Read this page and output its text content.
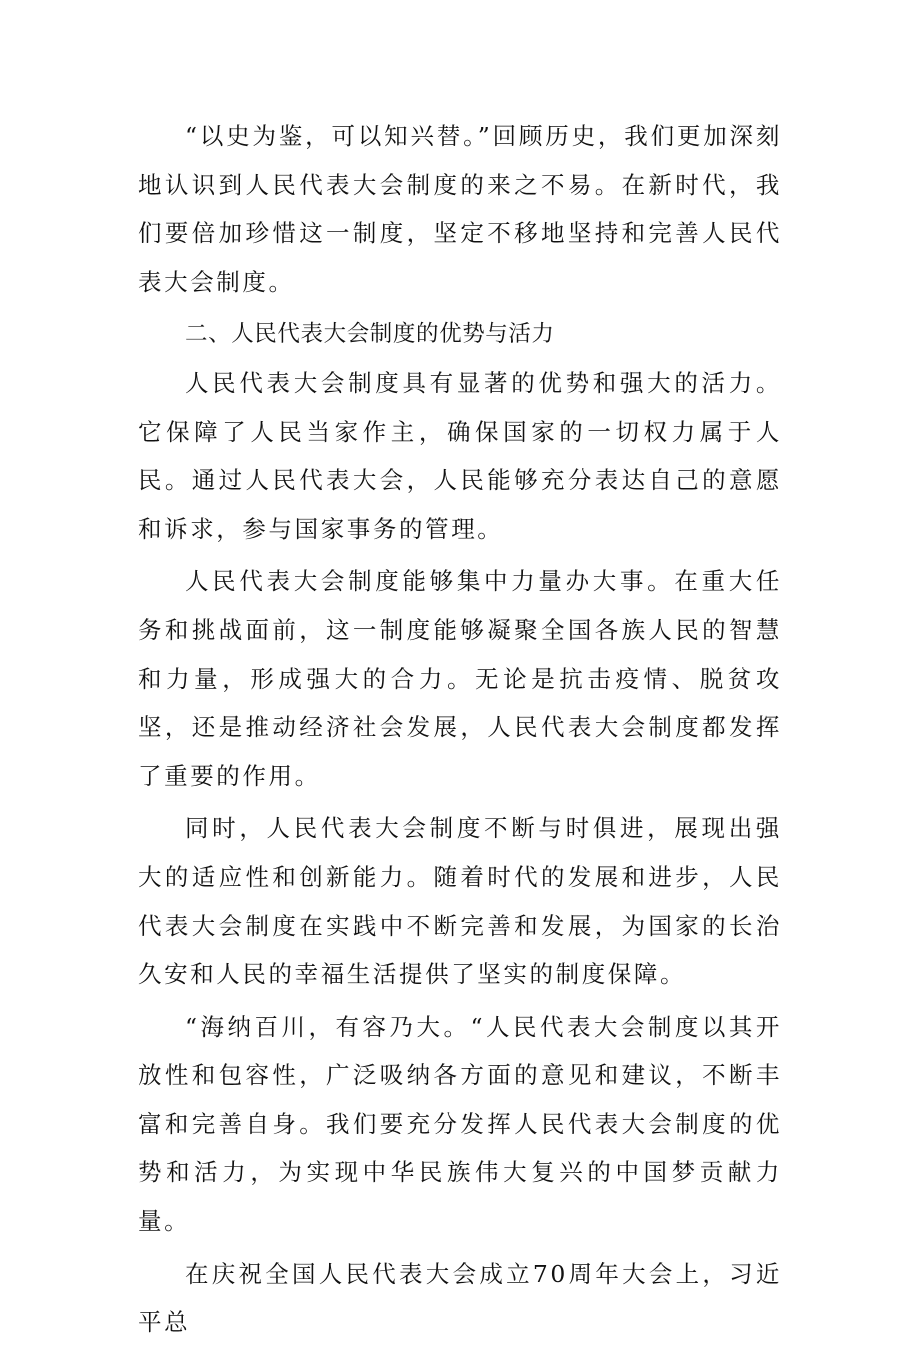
“以史为鉴，可以知兴替。”回顾历史，我们更加深刻地认识到人民代表大会制度的来之不易。在新时代，我们要倍加珍惜这一制度，坚定不移地坚持和完善人民代表大会制度。

二、人民代表大会制度的优势与活力

人民代表大会制度具有显著的优势和强大的活力。它保障了人民当家作主，确保国家的一切权力属于人民。通过人民代表大会，人民能够充分表达自己的意愿和诉求，参与国家事务的管理。

人民代表大会制度能够集中力量办大事。在重大任务和挑战面前，这一制度能够凝聚全国各族人民的智慧和力量，形成强大的合力。无论是抗击疫情、脱贫攻坚，还是推动经济社会发展，人民代表大会制度都发挥了重要的作用。

同时，人民代表大会制度不断与时俱进，展现出强大的适应性和创新能力。随着时代的发展和进步，人民代表大会制度在实践中不断完善和发展，为国家的长治久安和人民的幸福生活提供了坚实的制度保障。

“海纳百川，有容乃大。“人民代表大会制度以其开放性和包容性，广泛吸纳各方面的意见和建议，不断丰富和完善自身。我们要充分发挥人民代表大会制度的优势和活力，为实现中华民族伟大复兴的中国梦贡献力量。

在庆祝全国人民代表大会成立70周年大会上，习近平总
